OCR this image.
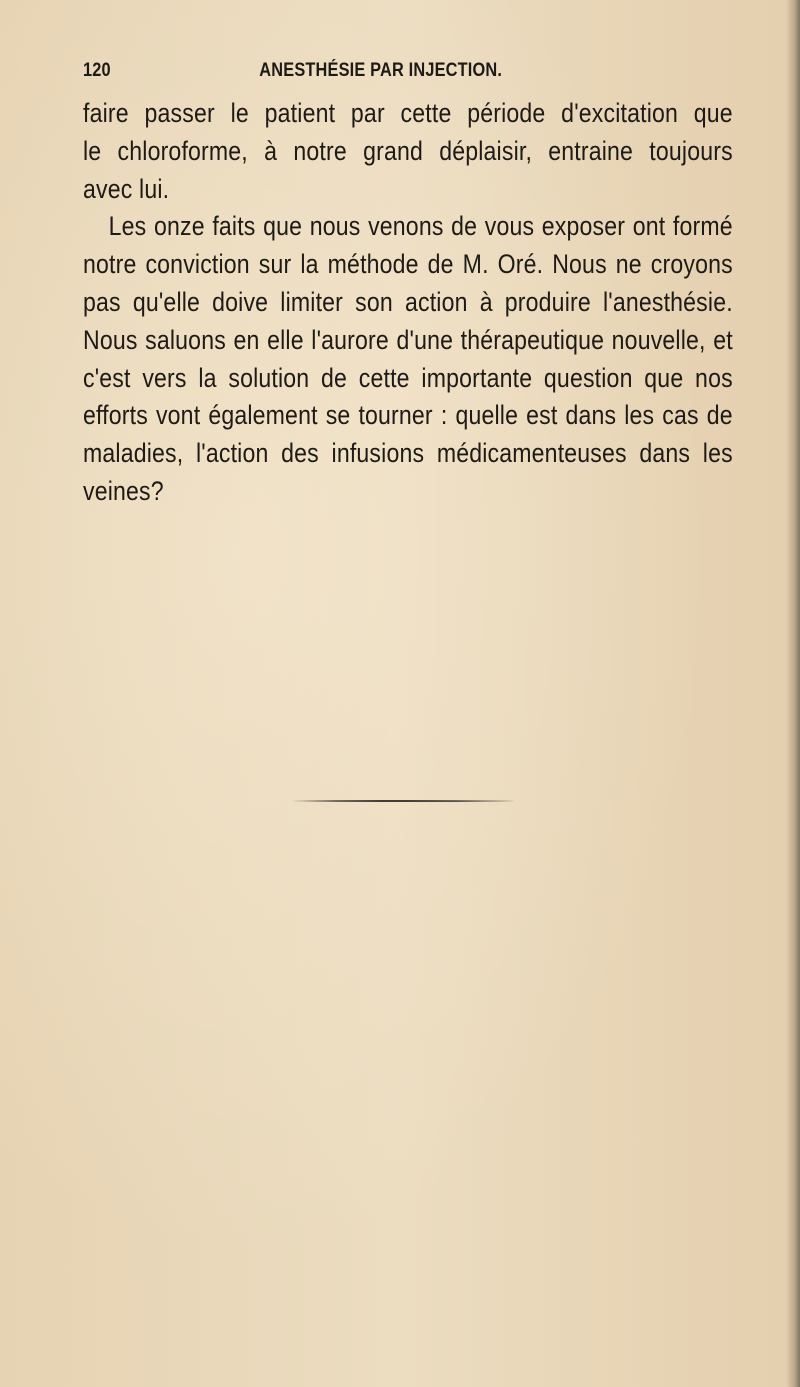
120	ANESTHÉSIE PAR INJECTION.
faire passer le patient par cette période d'excitation que
le chloroforme, à notre grand déplaisir, entraine toujours
avec lui.
Les onze faits que nous venons de vous exposer ont formé
notre conviction sur la méthode de M. Oré. Nous ne croyons
pas qu'elle doive limiter son action à produire l'anesthésie.
Nous saluons en elle l'aurore d'une thérapeutique nouvelle, et
c'est vers la solution de cette importante question que nos
efforts vont également se tourner : quelle est dans les cas de
maladies, l'action des infusions médicamenteuses dans les
veines?
